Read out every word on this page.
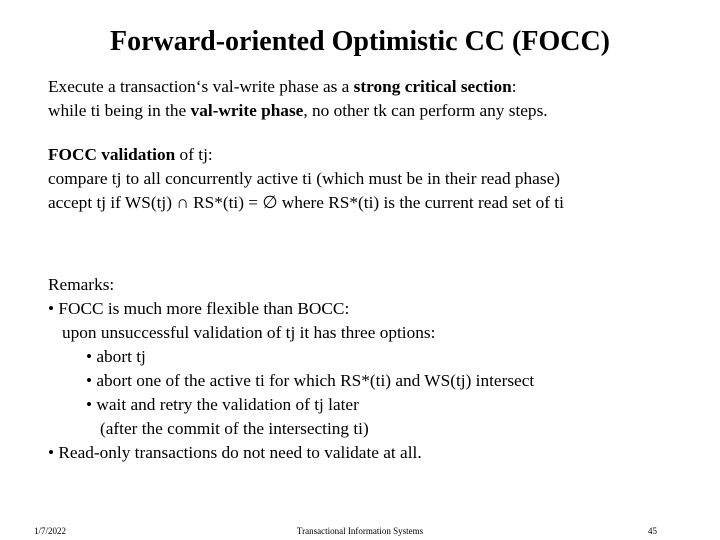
Forward-oriented Optimistic CC (FOCC)

Execute a transaction‘s val-write phase as a strong critical section:

while ti being in the val-write phase, no other tk can perform any steps.

FOCC validation of tj:

compare tj to all concurrently active ti (which must be in their read phase)

accept tj if WS(tj) ∩ RS*(ti) = ∅ where RS*(ti) is the current read set of ti

Remarks:

• FOCC is much more flexible than BOCC:

upon unsuccessful validation of tj it has three options:

• abort tj

• abort one of the active ti for which RS*(ti) and WS(tj) intersect

• wait and retry the validation of tj later

(after the commit of the intersecting ti)

• Read-only transactions do not need to validate at all.

1/7/2022	Transactional Information Systems	45
